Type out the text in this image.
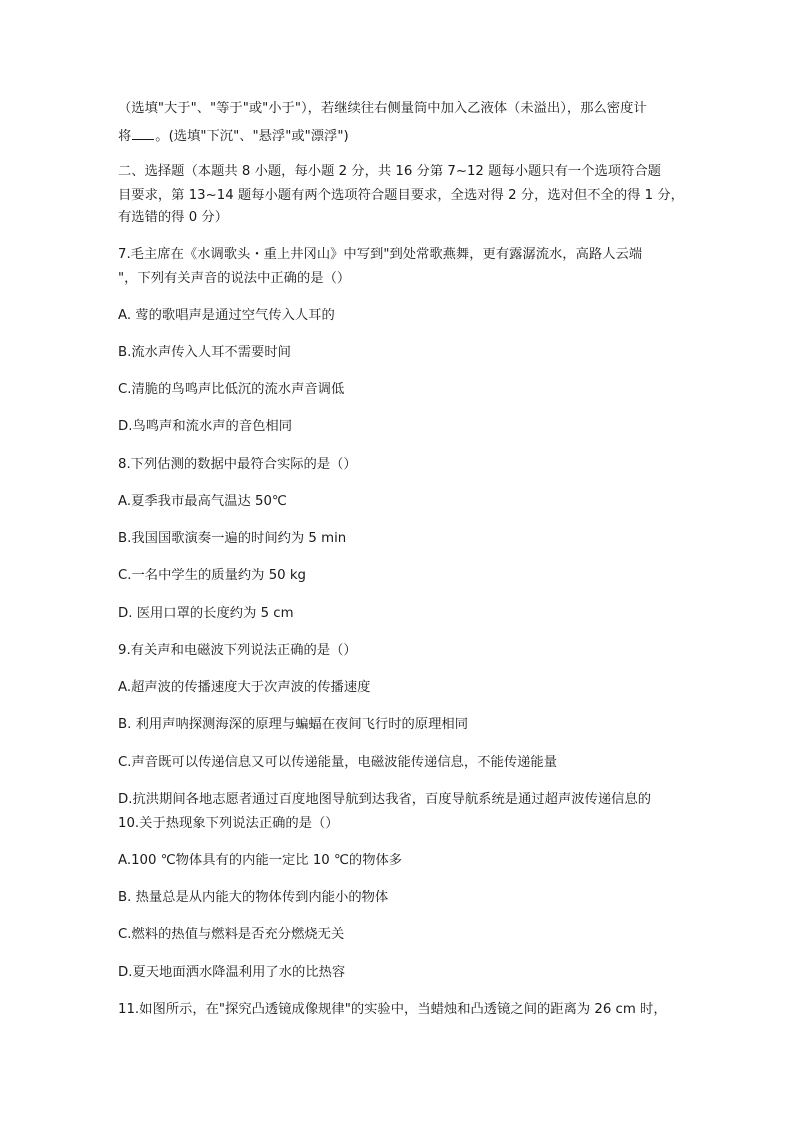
（选填"大于"、"等于"或"小于"），若继续往右侧量筒中加入乙液体（未溢出），那么密度计
将 。(选填"下沉"、"悬浮"或"漂浮")
二、选择题（本题共 8 小题，每小题 2 分，共 16 分第 7~12 题每小题只有一个选项符合题
目要求，第 13~14 题每小题有两个选项符合题目要求，全选对得 2 分，选对但不全的得 1 分，
有选错的得 0 分）
7.毛主席在《水调歌头・重上井冈山》中写到"到处常歌燕舞，更有露潺流水，高路人云端
"，下列有关声音的说法中正确的是（）
A. 莺的歌唱声是通过空气传入人耳的
B.流水声传入人耳不需要时间
C.清脆的鸟鸣声比低沉的流水声音调低
D.鸟鸣声和流水声的音色相同
8.下列估测的数据中最符合实际的是（）
A.夏季我市最高气温达 50℃
B.我国国歌演奏一遍的时间约为 5 min
C.一名中学生的质量约为 50 kg
D. 医用口罩的长度约为 5 cm
9.有关声和电磁波下列说法正确的是（）
A.超声波的传播速度大于次声波的传播速度
B. 利用声呐探测海深的原理与蝙蝠在夜间飞行时的原理相同
C.声音既可以传递信息又可以传递能量，电磁波能传递信息，不能传递能量
D.抗洪期间各地志愿者通过百度地图导航到达我省，百度导航系统是通过超声波传递信息的
10.关于热现象下列说法正确的是（）
A.100 ℃物体具有的内能一定比 10 ℃的物体多
B. 热量总是从内能大的物体传到内能小的物体
C.燃料的热值与燃料是否充分燃烧无关
D.夏天地面洒水降温利用了水的比热容
11.如图所示，在"探究凸透镜成像规律"的实验中，当蜡烛和凸透镜之间的距离为 26 cm 时，
